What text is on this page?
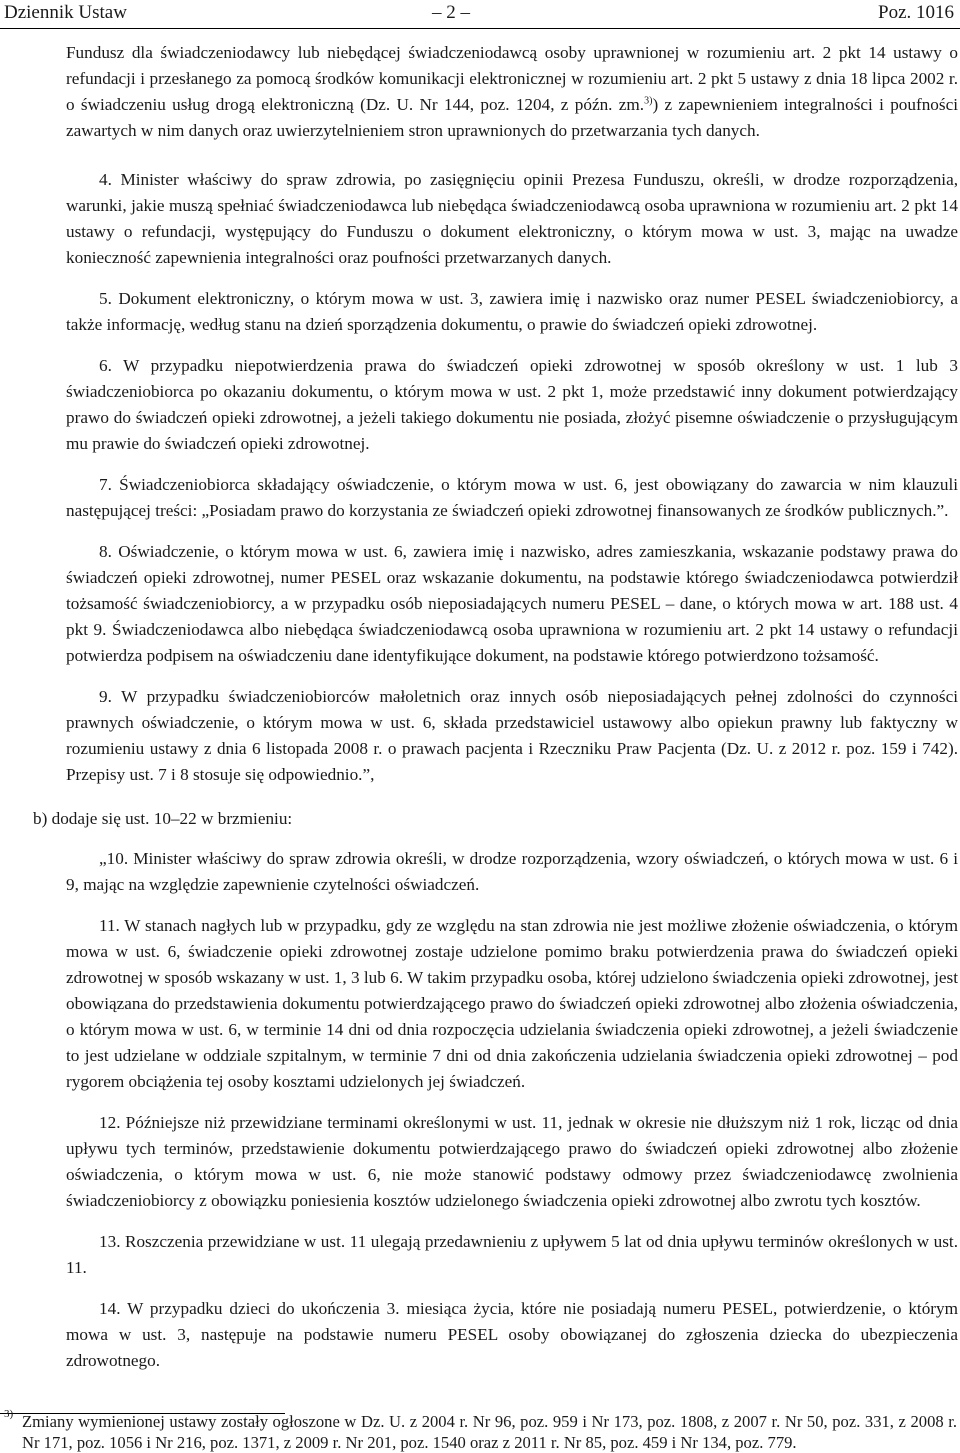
Dziennik Ustaw	– 2 –	Poz. 1016

Fundusz dla świadczeniodawcy lub niebędącej świadczeniodawcą osoby uprawnionej w rozumieniu art. 2 pkt 14 ustawy o refundacji i przesłanego za pomocą środków komunikacji elektronicznej w rozumieniu art. 2 pkt 5 ustawy z dnia 18 lipca 2002 r. o świadczeniu usług drogą elektroniczną (Dz. U. Nr 144, poz. 1204, z późn. zm.$^{3)}$) z zapewnieniem integralności i poufności zawartych w nim danych oraz uwierzytelnieniem stron uprawnionych do przetwarzania tych danych.

4. Minister właściwy do spraw zdrowia, po zasięgnięciu opinii Prezesa Funduszu, określi, w drodze rozporządzenia, warunki, jakie muszą spełniać świadczeniodawca lub niebędąca świadczeniodawcą osoba uprawniona w rozumieniu art. 2 pkt 14 ustawy o refundacji, występujący do Funduszu o dokument elektroniczny, o którym mowa w ust. 3, mając na uwadze konieczność zapewnienia integralności oraz poufności przetwarzanych danych.

5. Dokument elektroniczny, o którym mowa w ust. 3, zawiera imię i nazwisko oraz numer PESEL świadczeniobiorcy, a także informację, według stanu na dzień sporządzenia dokumentu, o prawie do świadczeń opieki zdrowotnej.

6. W przypadku niepotwierdzenia prawa do świadczeń opieki zdrowotnej w sposób określony w ust. 1 lub 3 świadczeniobiorca po okazaniu dokumentu, o którym mowa w ust. 2 pkt 1, może przedstawić inny dokument potwierdzający prawo do świadczeń opieki zdrowotnej, a jeżeli takiego dokumentu nie posiada, złożyć pisemne oświadczenie o przysługującym mu prawie do świadczeń opieki zdrowotnej.

7. Świadczeniobiorca składający oświadczenie, o którym mowa w ust. 6, jest obowiązany do zawarcia w nim klauzuli następującej treści: „Posiadam prawo do korzystania ze świadczeń opieki zdrowotnej finansowanych ze środków publicznych.”.

8. Oświadczenie, o którym mowa w ust. 6, zawiera imię i nazwisko, adres zamieszkania, wskazanie podstawy prawa do świadczeń opieki zdrowotnej, numer PESEL oraz wskazanie dokumentu, na podstawie którego świadczeniodawca potwierdził tożsamość świadczeniobiorcy, a w przypadku osób nieposiadających numeru PESEL – dane, o których mowa w art. 188 ust. 4 pkt 9. Świadczeniodawca albo niebędąca świadczeniodawcą osoba uprawniona w rozumieniu art. 2 pkt 14 ustawy o refundacji potwierdza podpisem na oświadczeniu dane identyfikujące dokument, na podstawie którego potwierdzono tożsamość.

9. W przypadku świadczeniobiorców małoletnich oraz innych osób nieposiadających pełnej zdolności do czynności prawnych oświadczenie, o którym mowa w ust. 6, składa przedstawiciel ustawowy albo opiekun prawny lub faktyczny w rozumieniu ustawy z dnia 6 listopada 2008 r. o prawach pacjenta i Rzeczniku Praw Pacjenta (Dz. U. z 2012 r. poz. 159 i 742). Przepisy ust. 7 i 8 stosuje się odpowiednio.”,

b) dodaje się ust. 10–22 w brzmieniu:

„10. Minister właściwy do spraw zdrowia określi, w drodze rozporządzenia, wzory oświadczeń, o których mowa w ust. 6 i 9, mając na względzie zapewnienie czytelności oświadczeń.

11. W stanach nagłych lub w przypadku, gdy ze względu na stan zdrowia nie jest możliwe złożenie oświadczenia, o którym mowa w ust. 6, świadczenie opieki zdrowotnej zostaje udzielone pomimo braku potwierdzenia prawa do świadczeń opieki zdrowotnej w sposób wskazany w ust. 1, 3 lub 6. W takim przypadku osoba, której udzielono świadczenia opieki zdrowotnej, jest obowiązana do przedstawienia dokumentu potwierdzającego prawo do świadczeń opieki zdrowotnej albo złożenia oświadczenia, o którym mowa w ust. 6, w terminie 14 dni od dnia rozpoczęcia udzielania świadczenia opieki zdrowotnej, a jeżeli świadczenie to jest udzielane w oddziale szpitalnym, w terminie 7 dni od dnia zakończenia udzielania świadczenia opieki zdrowotnej – pod rygorem obciążenia tej osoby kosztami udzielonych jej świadczeń.

12. Późniejsze niż przewidziane terminami określonymi w ust. 11, jednak w okresie nie dłuższym niż 1 rok, licząc od dnia upływu tych terminów, przedstawienie dokumentu potwierdzającego prawo do świadczeń opieki zdrowotnej albo złożenie oświadczenia, o którym mowa w ust. 6, nie może stanowić podstawy odmowy przez świadczeniodawcę zwolnienia świadczeniobiorcy z obowiązku poniesienia kosztów udzielonego świadczenia opieki zdrowotnej albo zwrotu tych kosztów.

13. Roszczenia przewidziane w ust. 11 ulegają przedawnieniu z upływem 5 lat od dnia upływu terminów określonych w ust. 11.

14. W przypadku dzieci do ukończenia 3. miesiąca życia, które nie posiadają numeru PESEL, potwierdzenie, o którym mowa w ust. 3, następuje na podstawie numeru PESEL osoby obowiązanej do zgłoszenia dziecka do ubezpieczenia zdrowotnego.

3) Zmiany wymienionej ustawy zostały ogłoszone w Dz. U. z 2004 r. Nr 96, poz. 959 i Nr 173, poz. 1808, z 2007 r. Nr 50, poz. 331, z 2008 r. Nr 171, poz. 1056 i Nr 216, poz. 1371, z 2009 r. Nr 201, poz. 1540 oraz z 2011 r. Nr 85, poz. 459 i Nr 134, poz. 779.
